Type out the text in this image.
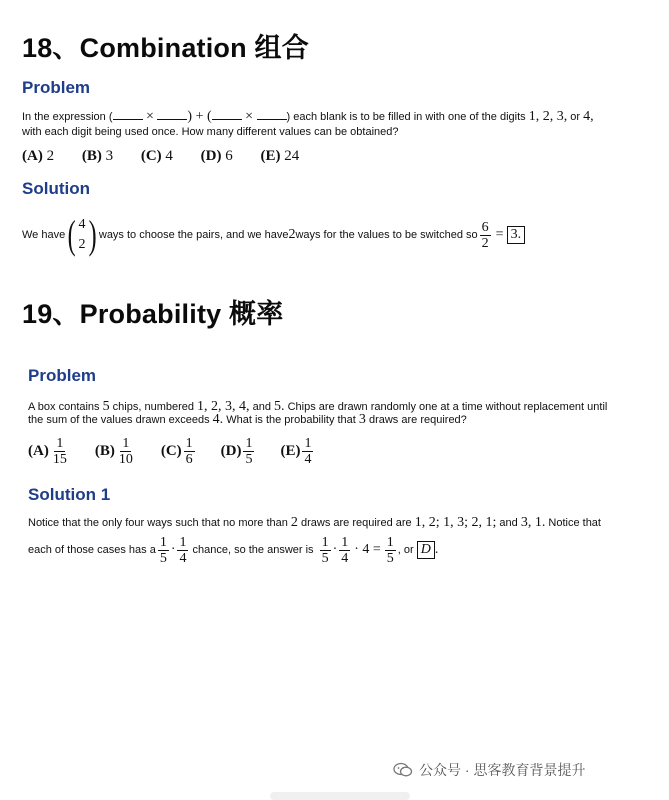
18、Combination 组合
Problem
In the expression ( × ) + ( ×	) each blank is to be filled in with one of the digits 1, 2, 3, or 4,
with each digit being used once. How many different values can be obtained?
(A) 2 (B) 3 (C) 4 (D) 6 (E) 24
Solution
We have ( 4
2 ) ways to choose the pairs, and we have 2 ways for the values to be switched so $\frac{6}{2} = 3$.
19、Probability 概率
Problem
A box contains 5 chips, numbered 1, 2, 3, 4, and 5. Chips are drawn randomly one at a time without replacement until
the sum of the values drawn exceeds 4. What is the probability that 3 draws are required?
$(A) \frac{1}{15} (B) \frac{1}{10} (C) \frac{1}{6} (D) \frac{1}{5} (E) \frac{1}{4}$
Solution 1
Notice that the only four ways such that no more than 2 draws are required are 1, 2; 1, 3; 2, 1; and 3, 1. Notice that
each of those cases has a $\frac{1}{5} \cdot \frac{1}{4}$ chance, so the answer is $\frac{1}{5} \cdot \frac{1}{4} \cdot 4 = \frac{1}{5}$ , or D .
公众号 · 思客教育背景提升
